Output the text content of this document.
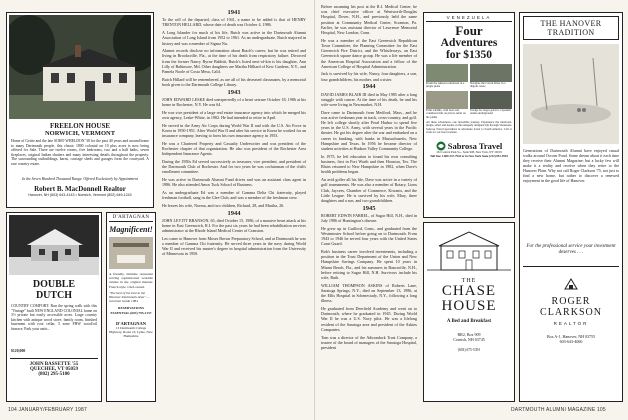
FREELON HOUSE
NORWICH, VERMONT
Home of Gettie and the late SOHO WHELDON '38 for the past 40 years and around home to many Dartmouth people, this classic 1800 colonial on 10 plus acres is now being offered for Sale. There are twelve rooms, five bedrooms, two and a half baths, seven fireplaces, original Indian shutters and many interesting details throughout the property. The surrounding outbuildings, barns, carriage sheds and garages form the courtyard. A rare country estate.
In the Seven Hundred Thousand Range. Offered Exclusively by Appointment
Robert B. MacDonnell Realtor
Hanover, NH (603) 643-4143 • Norwich, Vermont (802) 649-1243
DOUBLE
DUTCH
COUNTRY COMFORT: Run the spring walk with this "Vintage" built NEW ENGLAND COLONIAL home on 3½ private but easily accessible acres. Large country kitchen with antique wood stove, family room, finished basement with root cellar, 5 zone FHW wood/oil furnace. Park your antic...
$120,000
JOHN BASSETTE '55
QUECHEE, VT 05059
(802) 295-5100
D'ARTAGNAN
Magnificent!
A friendly, intimate restaurant serving sophisticated versatile cuisine in the original manner. French style. Chef-owned.
"The best of the best in the Hanover-Dartmouth Area" — Gourmet Guide 1984
RESERVATIONS ESSENTIAL (603) 795-2137
D'ARTAGNAN
13 Dartmouth College Highway, Route 10, Lyme, New Hampshire
1941

To the roll of the departed, class of 1941, a name to be added is that of HENRY TRENTON HELLARD, whose date of death was October 4, 1986.

A Long Islander for much of his life, Butch was active in the Dartmouth Alumni Association of Long Island from 1952 to 1961. As an undergraduate, Butch majored in history and was a member of Sigma Nu.

Alumni records disclose no information about Butch's career, but he was retired and living in Brooksville, Fla., at the time of his death from respiratory failure. Divorced from the former Nancy Byrne Babbitt, Butch's listed next-of-kin is his daughter, Ann Lilly of Baltimore, Md. Other daughters are Martha Hilliard of Kew Gardens, N.Y., and Pamela Noole of Costa Mesa, Calif.

Butch Hillard will be remembered, as are all of his deceased classmates, by a memorial book given to the Dartmouth College Library.

1943

JOHN EDWARD LESKE died unexpectedly of a heart seizure October 18, 1986 at his home in Rochester, N.Y. He was 64.

He was vice president of a large real estate insurance agency into which he merged his own agency, Leske-White, in 1982. He had intended to retire in April.

He served in the Army Air Corps during World War II and with the U.S. Air Force in Korea in 1950-1951. After World War II and after his service in Korea he worked for an insurance company, leaving to form his own insurance agency in 1953.

He was a Chartered Property and Casualty Underwriter and was president of the Rochester chapter of that organization. He also was president of the Rochester Area Independent Insurance Agents.

During the 1950s Ed served successively as treasurer, vice president, and president of the Dartmouth Club of Rochester. And for two years he was cochairman of the club's enrollment committee.

He was active in Dartmouth Alumni Fund drives and was an assistant class agent in 1986. He also attended Amos Tuck School of Business.

As an undergraduate Ed was a member of Gamma Delta Chi fraternity, played freshman football, sang in the Glee Club, and was a member of the freshman crew.

He leaves his wife, Norma, and two children, Richard, 28, and Martha, 26.

1944

JOHN LEVITT BRANSON, 65, died October 15, 1986, of a massive heart attack at his home in East Greenwich, R.I. For the past six years he had been rehabilitation services administrator at the Rhode Island Medical Center of Cranston.

Leo came to Hanover from Moses Brown Preparatory School, and at Dartmouth he was a member of Gamma Chi fraternity. He served three years in the navy during World War II and received his master's degree in hospital administration from the University of Minnesota in 1950.

104 JANUARY/FEBRUARY 1987

Before assuming his post at the R.I. Medical Center, he was chief executive officer at Wentworth-Douglas Hospital, Dover, N.H., and previously held the same position at Community Medical Center, Scranton, Pa. Earlier, he was assistant director of Lawrence Memorial Hospital, New London, Conn.

He was a member of the East Greenwich Republican Town Committee, the Planning Committee for the East Greenwich Fire District, and the Whistleways, an East Greenwich square dance group. He was a life member of the American Hospital Association and a fellow of the American College of Hospital Administration.

Jack is survived by his wife, Nancy, four daughters, a son, four grandchildren, his mother, and a sister.

1944

DAVID JAMES BLAIR III died in May 1985 after a long struggle with cancer. At the time of his death, he and his wife were living in Newmarket, N.H.

Dave came to Dartmouth from Medford, Mass., and he was active freshman year in track, cross-country, and golf. He left college shortly after Pearl Harbor to spend five years in the U.S. Army, with several years in the Pacific theater. He got his degree after the war and embarked on a career in banking, with banks in Massachusetts, New Hampshire and Texas. In 1956 he became director of student activities at Hudson Valley Community College.

In 1975, he left education to found his own consulting business, first in Fort Worth and then Houston, Tex. The Blairs returned to New Hampshire in 1982, when Dave's health problems began.

An avid golfer all his life, Dave was active in a variety of golf tournaments. He was also a member of Rotary, Lions Club, Jaycees, Chamber of Commerce, Kiwanis, and the Little League. He is survived by his wife, Mary, three daughters and a son, and two grandchildren.

1945

ROBERT EDWIN FARREL, of Sugar Hill, N.H., died in July 1986 of Huntington's disease.

He grew up in Guilford, Conn., and graduated from the Westminster School before going on to Dartmouth. From 1943 to 1946 he served four years with the United States Coast Guard.

Bob's business career involved investments, including a position in the Trust Department of the Union and New Hampshire Savings Company. He spent 10 years in Miami Beach, Fla., and his summers in Bancroftle, N.H., before retiring to Sugar Hill, N.H. Survivors include his wife, Ruth.

WILLIAM THOMPSON ASKINS of Roberts Lane, Saratoga Springs, N.Y., died on September 13, 1986, at the Ellis Hospital in Schenectady, N.Y., following a long illness.

He graduated from Deerfield Academy and went on to Dartmouth, where he graduated in 1945. During World War II he was a U.S. Navy pilot. He was a lifelong resident of the Saratoga area and president of the Askins Companies.

Tom was a director of the Adirondack Trust Company, a trustee of the board of managers of the Saratoga Hospital, president

VENEZUELA
Four
Adventures
for $1350
Roam the Amazon rainforest in a jungle plane
Navigate the Caroni River in a dugout canoe
Paint wildlife, wild bear and countless birds on plover safari on the plains
Trudge for larger-gold in a Spanish Andes underground
All these adventures, one incredible journey. Experience the rainforest, jungle, safari and Andes on this uniquely designed trip through Venezuela. Sabrosa Travel specializes in adventure travel to South America. Call or write for our free brochure.
Sabrosa Travel
161 Central Park So., Suite 908, New York, NY 10019
Toll free 1-800-237-7944 or in New York State (212) 851-9553
THE
CHASE
HOUSE
A Bed and Breakfast
RR2, Box 909
Cornish, NH 03745
(603) 675-5391
THE HANOVER
TRADITION
Generations of Dartmouth Alumni have enjoyed casual walks around Occom Pond. Some dream about it each time they receive their Alumni Magazine; but a lucky few will make it a reality and receive when they retire to the Hanover Plain. Why not call Roger Clarkson '75, not just to find a new home, but rather to discover a renewed enjoyment in the good life of Hanover.
For the professional service your investment deserves . . .
ROGER
CLARKSON
REALTOR
Box A-1, Hanover, NH 03755
603-643-4060
DARTMOUTH ALUMNI MAGAZINE 105
